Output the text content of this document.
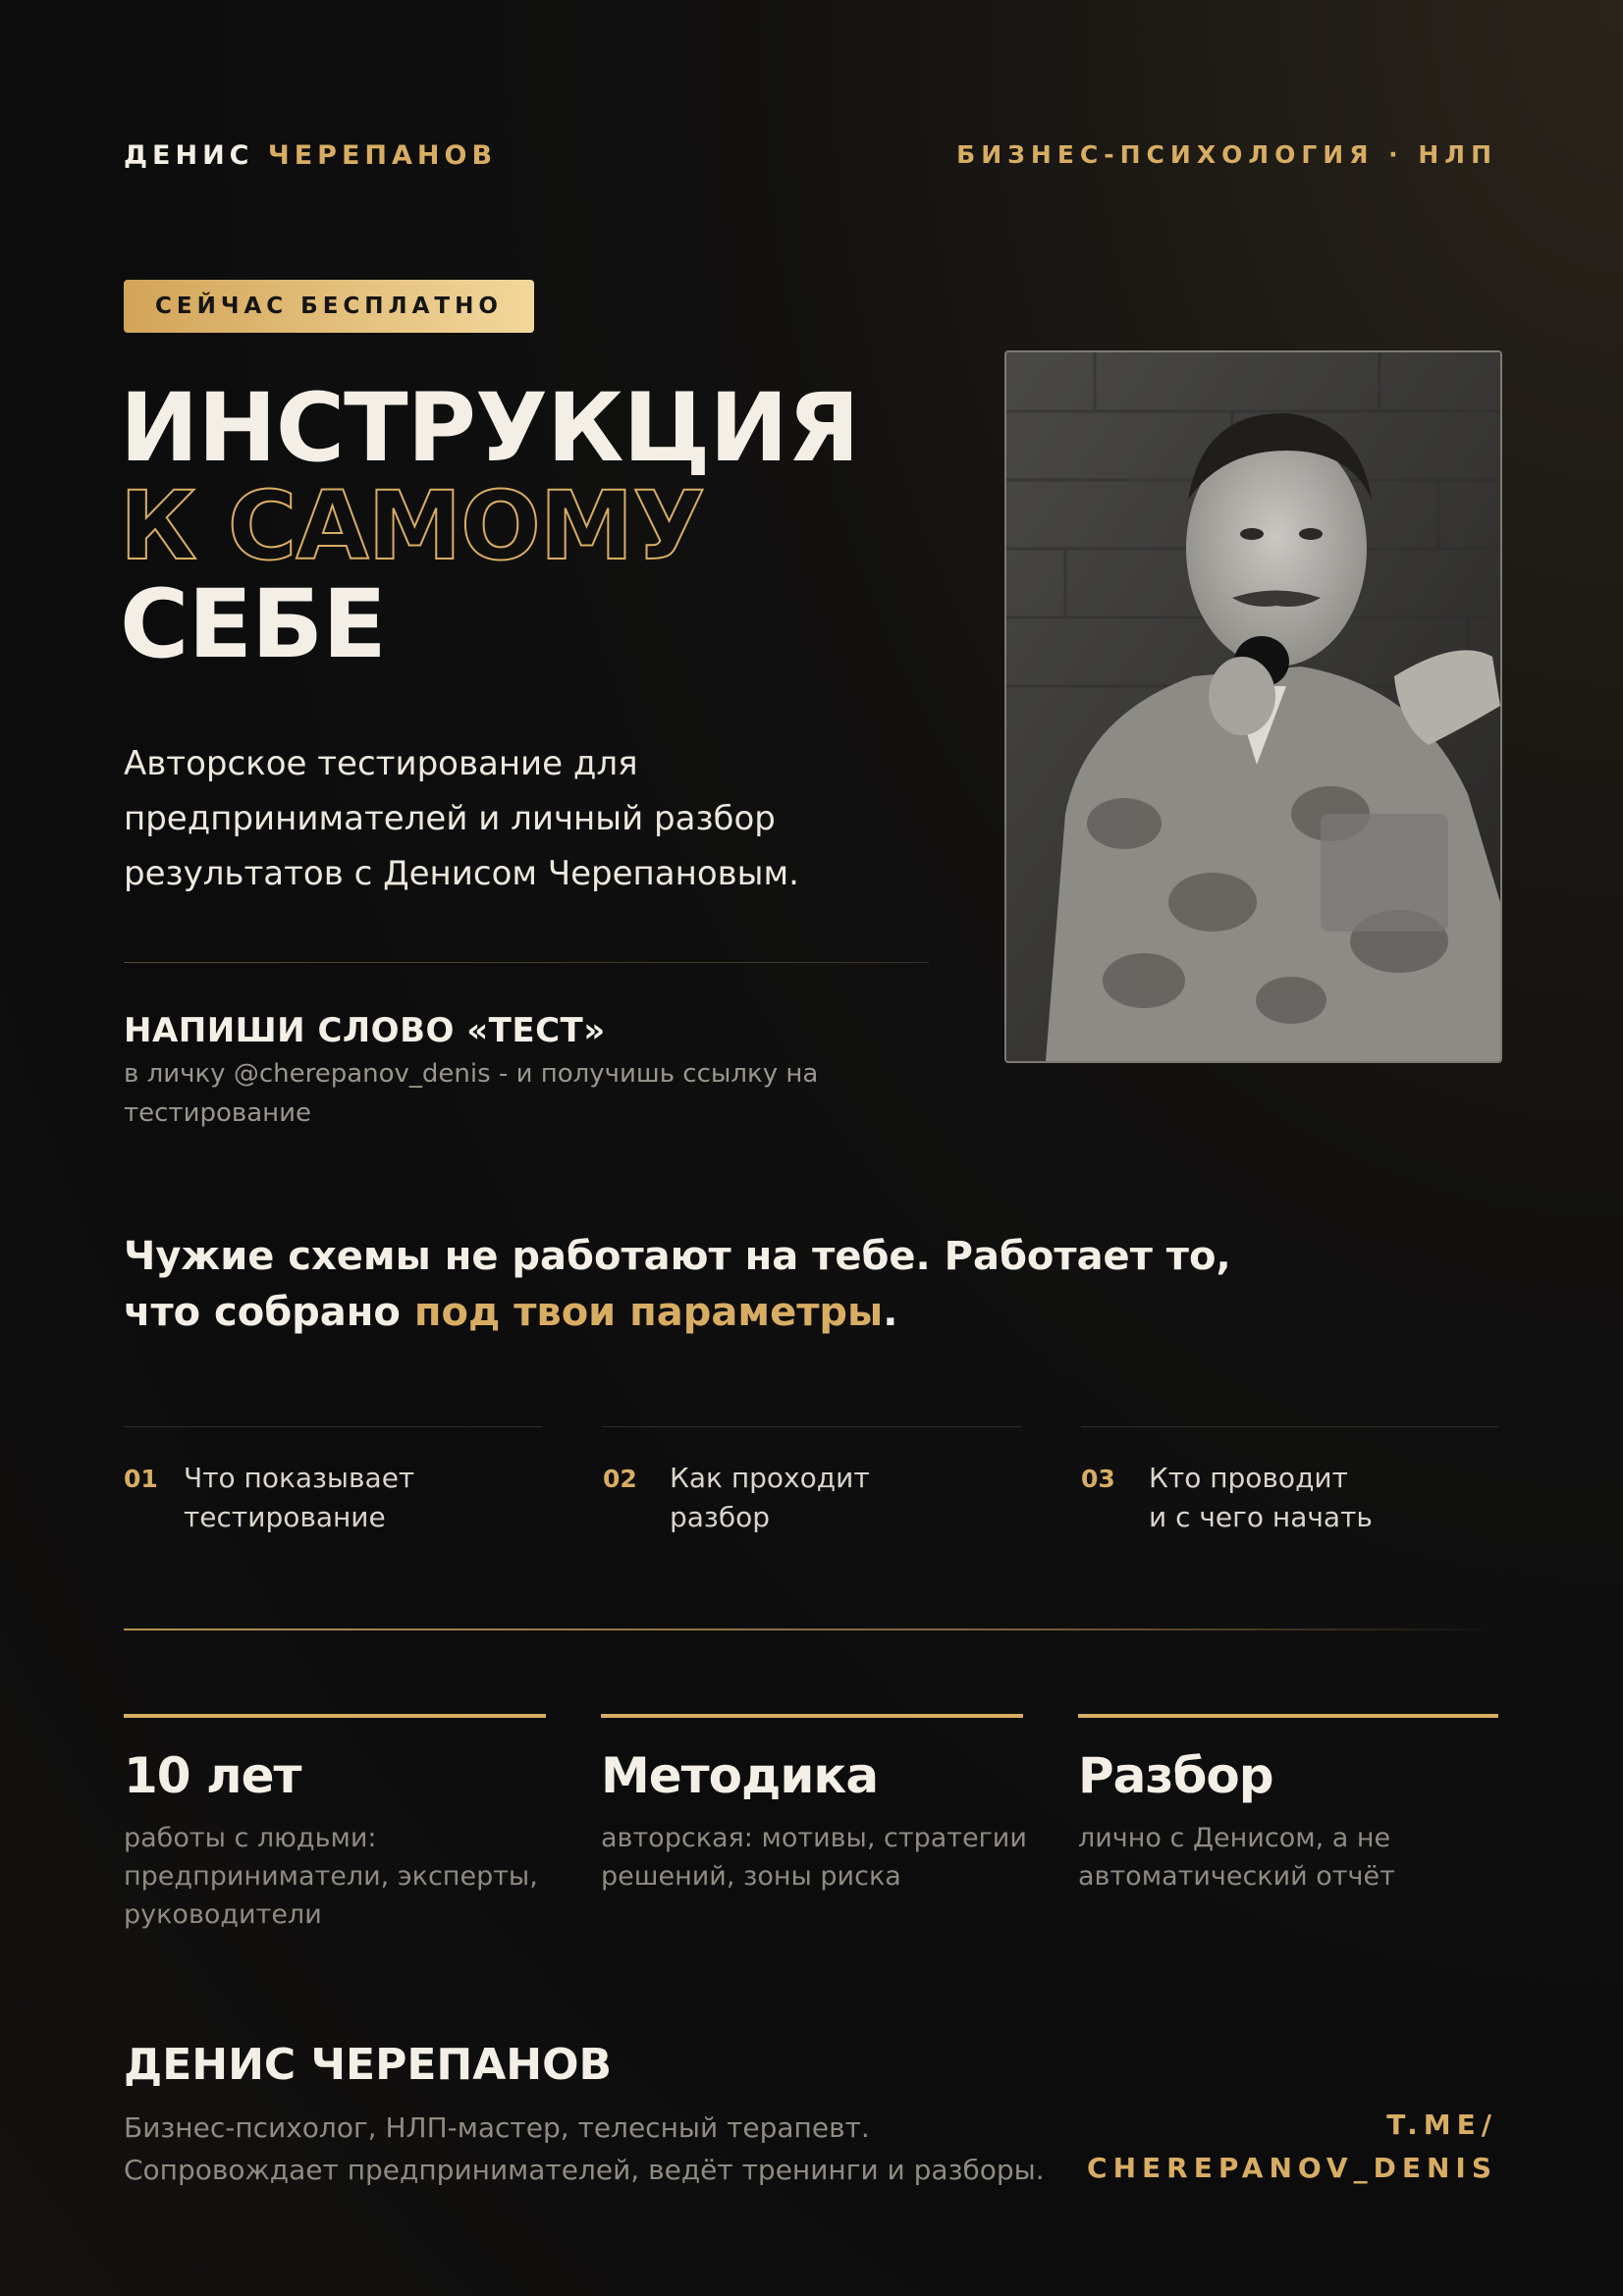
ДЕНИС ЧЕРЕПАНОВ	БИЗНЕС-ПСИХОЛОГИЯ · НЛП
СЕЙЧАС БЕСПЛАТНО
ИНСТРУКЦИЯ
К САМОМУ
СЕБЕ
Авторское тестирование для предпринимателей и личный разбор результатов с Денисом Черепановым.
НАПИШИ СЛОВО «ТЕСТ»
в личку @cherepanov_denis - и получишь ссылку на тестирование
Чужие схемы не работают на тебе. Работает то,
что собрано под твои параметры.
01 Что показывает
тестирование
02 Как проходит
разбор
03 Кто проводит
и с чего начать
10 лет
работы с людьми: предприниматели, эксперты, руководители
Методика
авторская: мотивы, стратегии решений, зоны риска
Разбор
лично с Денисом, а не автоматический отчёт
ДЕНИС ЧЕРЕПАНОВ
Бизнес-психолог, НЛП-мастер, телесный терапевт.
Сопровождает предпринимателей, ведёт тренинги и разборы.
T.ME/
CHEREPANOV_DENIS
